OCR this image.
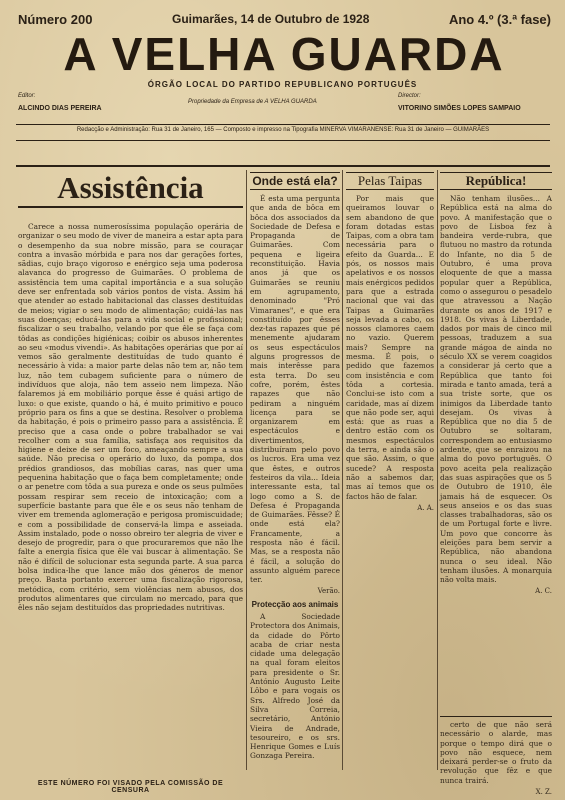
Número 200	Guimarães, 14 de Outubro de 1928	Ano 4.º (3.ª fase)
A VELHA GUARDA
ÓRGÃO LOCAL DO PARTIDO REPUBLICANO PORTUGUÊS
Editor:
ALCINDO DIAS PEREIRA
Propriedade da Empresa de A VELHA GUARDA
Director:
VITORINO SIMÕES LOPES SAMPAIO
Redacção e Administração: Rua 31 de Janeiro, 165 — Composto e impresso na Tipografia MINERVA VIMARANENSE: Rua 31 de Janeiro — GUIMARÃES
Assistência

Carece a nossa numerosíssima população operária de organizar o seu modo de viver de maneira a estar apta para o desempenho da sua nobre missão, para se couraçar contra a invasão mórbida e para nos dar gerações fortes, sãdias, cujo braço vigoroso e enérgico seja uma poderosa alavanca do progresso de Guimarães. O problema de assistência tem uma capital importância e a sua solução deve ser enfrentada sob vários pontos de vista. Assim há que atender ao estado habitacional das classes destituídas de meios; vigiar o seu modo de alimentação; cuidá-las nas suas doenças; educá-las para a vida social e profissional; fiscalizar o seu trabalho, velando por que êle se faça com tôdas as condições higiénicas; coibir os abusos inherentes ao seu «modus vivendi». As habitações operárias que por aí vemos são geralmente destituídas de tudo quanto é necessário à vida: a maior parte delas não tem ar, não tem luz, não tem cubagem suficiente para o número de indivíduos que aloja, não tem asseio nem limpeza. Não falaremos já em mobiliário porque êsse é quási artigo de luxo: o que existe, quando o há, é muito primitivo e pouco próprio para os fins a que se destina. Resolver o problema da habitação, é pois o primeiro passo para a assistência. É preciso que a casa onde o pobre trabalhador se vai recolher com a sua família, satisfaça aos requisitos da higiene e deixe de ser um foco, ameaçando sempre a sua saúde. Não precisa o operário do luxo, da pompa, dos prédios grandiosos, das mobílias caras, nas quer uma pequenina habitação que o faça bem completamente; onde o ar penetre com tôda a sua pureza e onde os seus pulmões possam respirar sem receio de intoxicação; com a superfície bastante para que êle e os seus não tenham de viver em tremenda aglomeração e perigosa promiscuidade; e com a possibilidade de conservá-la limpa e asseiada. Assim instalado, pode o nosso obreiro ter alegria de viver e desejo de progredir, para o que procuraremos que não lhe falte a energia física que êle vai buscar à alimentação. Se não é difícil de solucionar esta segunda parte. A sua parca bolsa indica-lhe que lance mão dos géneros de menor preço. Basta portanto exercer uma fiscalização rigorosa, metódica, com critério, sem violências nem abusos, dos produtos alimentares que circulam no mercado, para que êles não sejam destituídos das propriedades nutritivas.

ESTE NÚMERO FOI VISADO PELA COMISSÃO DE CENSURA
Onde está ela?

É esta uma pergunta que anda de bôca em bôca dos associados da Sociedade de Defesa e Propaganda de Guimarães. Com pequena e ligeira reconstituição. Havia anos já que os Guimarães se reuniu em agrupamento, denominado "Pró Vimaranes", e que era constituído por êsses dez-tas rapazes que pé menemente ajudaram os seus espectáculos alguns progressos de mais interêsse para esta terra. Do seu cofre, porém, êstes rapazes que não pediram a ninguém licença para se organizarem em espectáculos e divertimentos, distribuíram pelo povo os lucros. Era uma vez que êstes, e outros festeiros da vila... Ideia interessante esta, tal logo como a S. de Defesa é Propaganda de Guimarães. Fêsse? É onde está ela? Francamente, a resposta não é fácil. Mas, se a resposta não é fácil, a solução do assunto alguém parece ter.

Verão.
Protecção aos animais

A Sociedade Protectora dos Animais, da cidade do Pôrto acaba de criar nesta cidade uma delegação na qual foram eleitos para presidente o Sr. António Augusto Leite Lôbo e para vogais os Srs. Alfredo José da Silva Correia, secretário, António Vieira de Andrade, tesoureiro, e os srs. Henrique Gomes e Luís Gonzaga Pereira.

Pelas Taipas

Por mais que queiramos louvar o sem abandono de que foram dotadas estas Taipas, com a obra tam necessária para o efeito da Guarda... E pós, os nossos mais apelativos e os nossos mais enérgicos pedidos para que a estrada nacional que vai das Taipas a Guimarães seja levada a cabo, os nossos clamores caem no vazio. Querem mais? Sempre na mesma. É pois, o pedido que fazemos com insistência e com tôda a cortesia. Conclui-se isto com a caridade, mas aí dizem que não pode ser, aqui está: que as ruas a dentro estão com os mesmos espectáculos da terra, e ainda são o que são. Assim, o que sucede? A resposta não a sabemos dar, mas aí temos que os factos hão de falar.

A. A.
República!

Não tenham ilusões... A República está na alma do povo. A manifestação que o povo de Lisboa fez à bandeira verde-rubra, que flutuou no mastro da rotunda do Infante, no dia 5 de Outubro, é uma prova eloquente de que a massa popular quer a República, como o assegurou o pesadelo que atravessou a Nação durante os anos de 1917 e 1918. Os vivas à Liberdade, dados por mais de cinco mil pessoas, traduzem a sua grande mágoa de ainda no século XX se verem coagidos a considerar já certo que a República que tanto foi mirada e tanto amada, terá a sua triste sorte, que os inimigos da Liberdade tanto desejam. Os vivas à República que no dia 5 de Outubro se soltaram, correspondem ao entusiasmo ardente, que se enraizou na alma do povo português. O povo aceita pela realização das suas aspirações que os 5 de Outubro de 1910, êle jamais há de esquecer. Os seus anseios e os das suas classes trabalhadoras, são os de um Portugal forte e livre. Um povo que concorre às eleições para bem servir a República, não abandona nunca o seu ideal. Não tenham ilusões. A monarquia não volta mais.

A. C.

certo de que não será necessário o alarde, mas porque o tempo dirá que o povo não esquece, nem deixará perder-se o fruto da revolução que fêz e que nunca trairá.

X. Z.
